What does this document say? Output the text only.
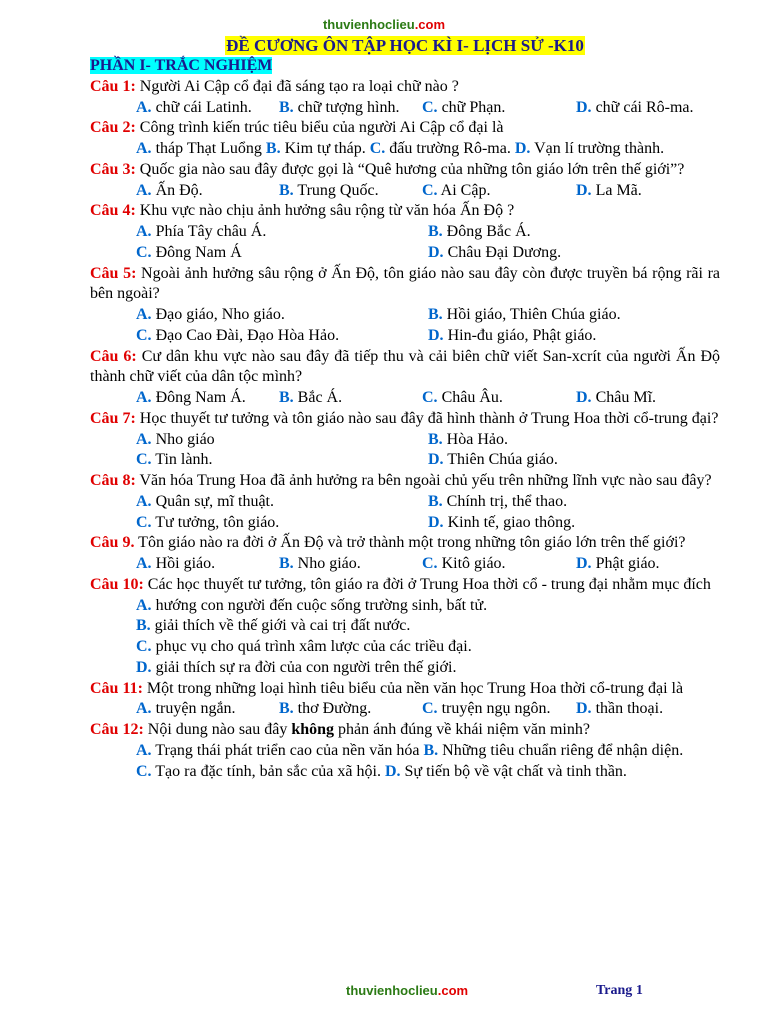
thuvienhoclieu.com
ĐỀ CƯƠNG ÔN TẬP HỌC KÌ I- LỊCH SỬ -K10
PHẦN I- TRẮC NGHIỆM
Câu 1: Người Ai Cập cổ đại đã sáng tạo ra loại chữ nào ?
A. chữ cái Latinh.	B. chữ tượng hình.	C. chữ Phạn.	D. chữ cái Rô-ma.
Câu 2: Công trình kiến trúc tiêu biểu của người Ai Cập cổ đại là
A. tháp Thạt Luổng B. Kim tự tháp. C. đấu trường Rô-ma. D. Vạn lí trường thành.
Câu 3: Quốc gia nào sau đây được gọi là “Quê hương của những tôn giáo lớn trên thế giới”?
A. Ấn Độ.	B. Trung Quốc.	C. Ai Cập.	D. La Mã.
Câu 4: Khu vực nào chịu ảnh hưởng sâu rộng từ văn hóa Ấn Độ ?
A. Phía Tây châu Á.	B. Đông Bắc Á.
C. Đông Nam Á	D. Châu Đại Dương.
Câu 5: Ngoài ảnh hưởng sâu rộng ở Ấn Độ, tôn giáo nào sau đây còn được truyền bá rộng rãi ra bên ngoài?
A. Đạo giáo, Nho giáo.	B. Hồi giáo, Thiên Chúa giáo.
C. Đạo Cao Đài, Đạo Hòa Hảo.	D. Hin-đu giáo, Phật giáo.
Câu 6: Cư dân khu vực nào sau đây đã tiếp thu và cải biên chữ viết San-xcrít của người Ấn Độ thành chữ viết của dân tộc mình?
A. Đông Nam Á.	B. Bắc Á.	C. Châu Âu.	D. Châu Mĩ.
Câu 7: Học thuyết tư tưởng và tôn giáo nào sau đây đã hình thành ở Trung Hoa thời cổ-trung đại?
A. Nho giáo	B. Hòa Hảo.
C. Tin lành.	D. Thiên Chúa giáo.
Câu 8: Văn hóa Trung Hoa đã ảnh hưởng ra bên ngoài chủ yếu trên những lĩnh vực nào sau đây?
A. Quân sự, mĩ thuật.	B. Chính trị, thể thao.
C. Tư tưởng, tôn giáo.	D. Kinh tế, giao thông.
Câu 9. Tôn giáo nào ra đời ở Ấn Độ và trở thành một trong những tôn giáo lớn trên thế giới?
A. Hồi giáo.	B. Nho giáo.	C. Kitô giáo.	D. Phật giáo.
Câu 10: Các học thuyết tư tưởng, tôn giáo ra đời ở Trung Hoa thời cổ - trung đại nhằm mục đích
A. hướng con người đến cuộc sống trường sinh, bất tử.
B. giải thích về thế giới và cai trị đất nước.
C. phục vụ cho quá trình xâm lược của các triều đại.
D. giải thích sự ra đời của con người trên thế giới.
Câu 11: Một trong những loại hình tiêu biểu của nền văn học Trung Hoa thời cổ-trung đại là
A. truyện ngắn.	B. thơ Đường.	C. truyện ngụ ngôn.	D. thần thoại.
Câu 12: Nội dung nào sau đây không phản ánh đúng về khái niệm văn minh?
A. Trạng thái phát triển cao của nền văn hóa B. Những tiêu chuẩn riêng để nhận diện.
C. Tạo ra đặc tính, bản sắc của xã hội. D. Sự tiến bộ về vật chất và tinh thần.
thuvienhoclieu.com	Trang 1
